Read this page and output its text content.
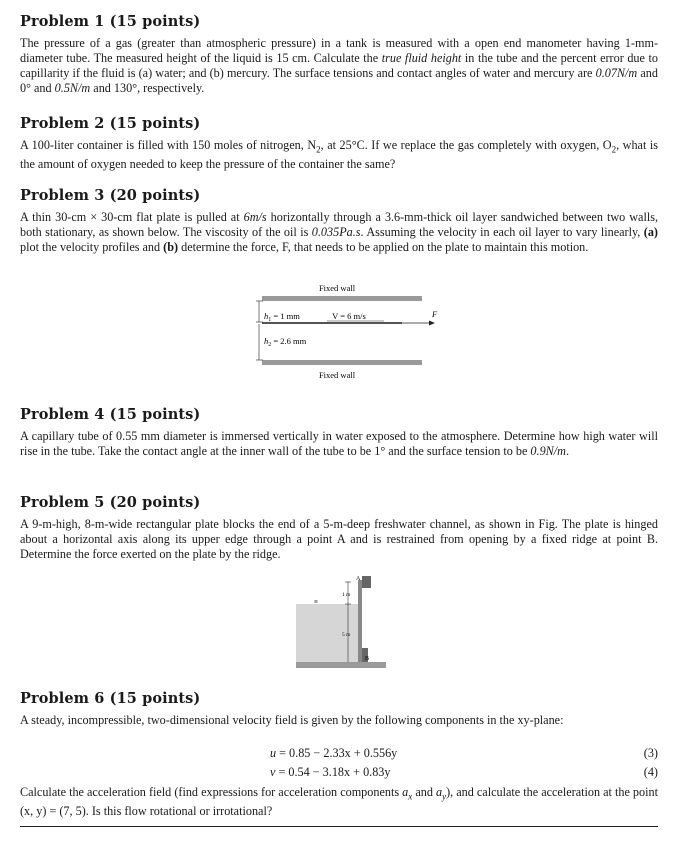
Problem 1 (15 points)

The pressure of a gas (greater than atmospheric pressure) in a tank is measured with a open end manometer having 1-mm-diameter tube. The measured height of the liquid is 15 cm. Calculate the true fluid height in the tube and the percent error due to capillarity if the fluid is (a) water; and (b) mercury. The surface tensions and contact angles of water and mercury are 0.07N/m and 0° and 0.5N/m and 130°, respectively.

Problem 2 (15 points)

A 100-liter container is filled with 150 moles of nitrogen, $N_2$, at 25°C. If we replace the gas completely with oxygen, $O_2$, what is the amount of oxygen needed to keep the pressure of the container the same?

Problem 3 (20 points)

A thin 30-cm × 30-cm flat plate is pulled at 6m/s horizontally through a 3.6-mm-thick oil layer sandwiched between two walls, both stationary, as shown below. The viscosity of the oil is 0.035Pa.s. Assuming the velocity in each oil layer to vary linearly, (a) plot the velocity profiles and (b) determine the force, F, that needs to be applied on the plate to maintain this motion.

Fixed wall
F
V = 6 m/s
Fixed wall
$h_1 = 1$ mm
$h_2 = 2.6$ mm
Problem 4 (15 points)

A capillary tube of 0.55 mm diameter is immersed vertically in water exposed to the atmosphere. Determine how high water will rise in the tube. Take the contact angle at the inner wall of the tube to be 1° and the surface tension to be 0.9N/m.

Problem 5 (20 points)

A 9-m-high, 8-m-wide rectangular plate blocks the end of a 5-m-deep freshwater channel, as shown in Fig. The plate is hinged about a horizontal axis along its upper edge through a point A and is restrained from opening by a fixed ridge at point B. Determine the force exerted on the plate by the ridge.

A
B
1 m
5 m
≡
Problem 6 (15 points)

A steady, incompressible, two-dimensional velocity field is given by the following components in the xy-plane:

u = 0.85 − 2.33x + 0.556y	(3)
v = 0.54 − 3.18x + 0.83y	(4)

Calculate the acceleration field (find expressions for acceleration components $a_x$ and $a_y$), and calculate the acceleration at the point (x, y) = (7, 5). Is this flow rotational or irrotational?
